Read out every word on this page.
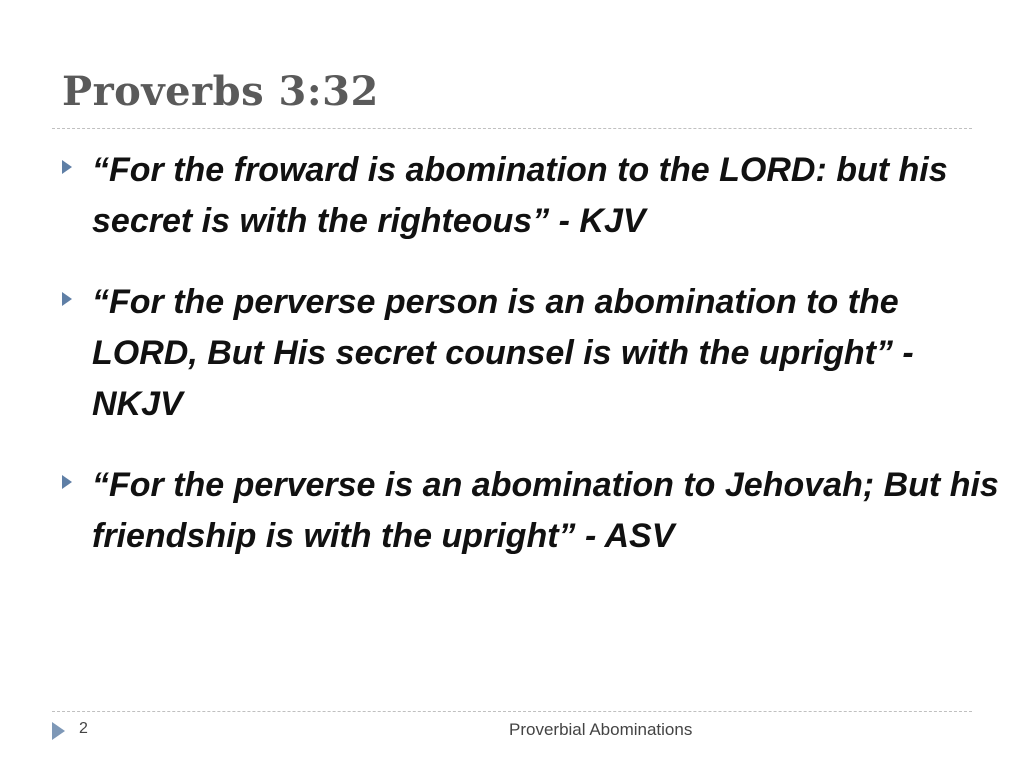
Proverbs 3:32
“For the froward is abomination to the LORD: but his secret is with the righteous” - KJV
“For the perverse person is an abomination to the LORD, But His secret counsel is with the upright” - NKJV
“For the perverse is an abomination to Jehovah; But his friendship is with the upright” - ASV
2	Proverbial Abominations
